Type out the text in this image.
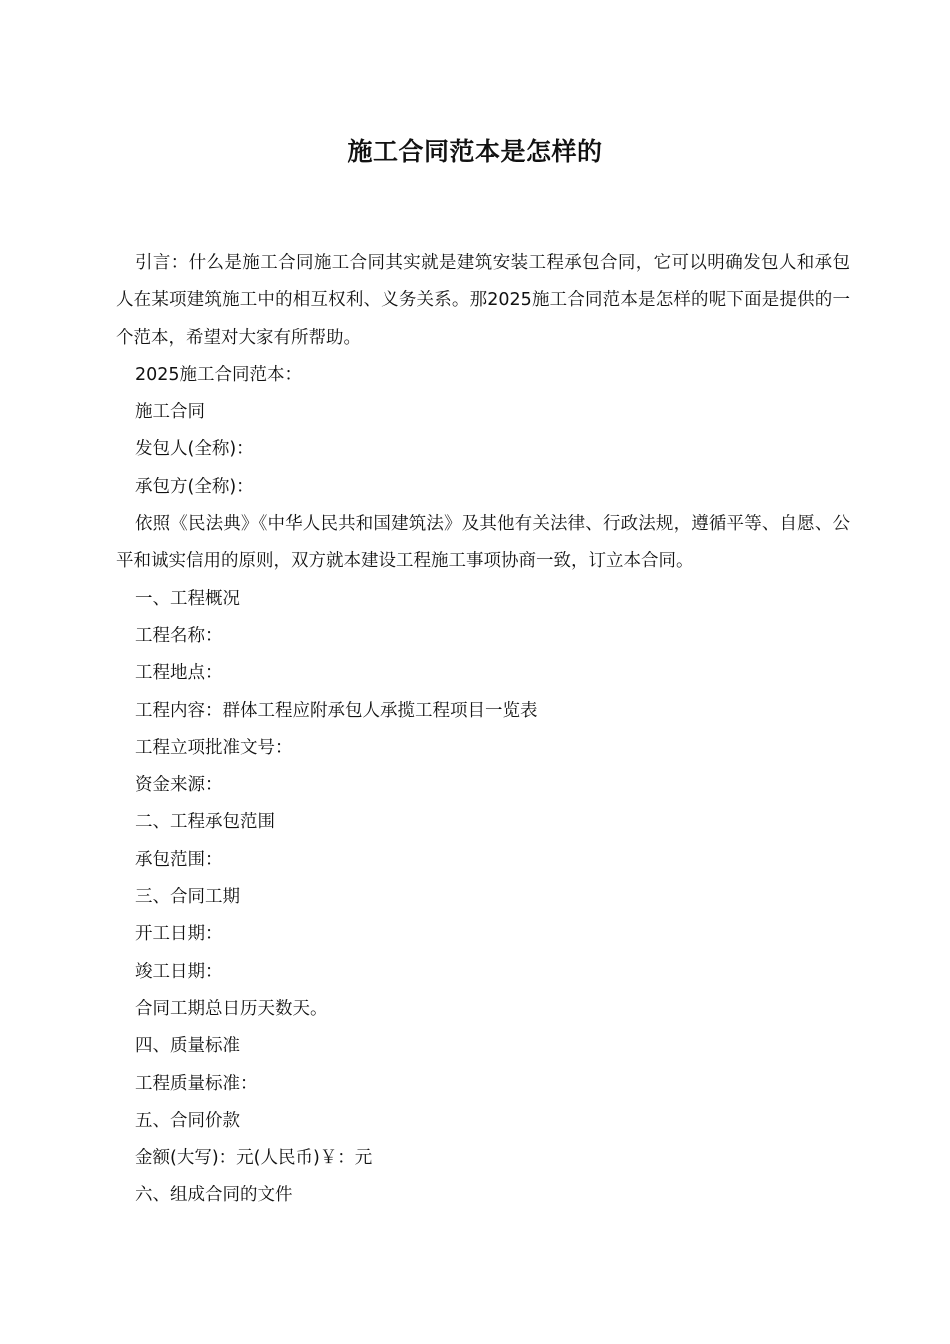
施工合同范本是怎样的

引言：什么是施工合同施工合同其实就是建筑安装工程承包合同，它可以明确发包人和承包人在某项建筑施工中的相互权利、义务关系。那2025施工合同范本是怎样的呢下面是提供的一个范本，希望对大家有所帮助。

2025施工合同范本：

施工合同

发包人(全称)：

承包方(全称)：

依照《民法典》《中华人民共和国建筑法》及其他有关法律、行政法规，遵循平等、自愿、公平和诚实信用的原则，双方就本建设工程施工事项协商一致，订立本合同。

一、工程概况

工程名称：

工程地点：

工程内容：群体工程应附承包人承揽工程项目一览表

工程立项批准文号：

资金来源：

二、工程承包范围

承包范围：

三、合同工期

开工日期：

竣工日期：

合同工期总日历天数天。

四、质量标准

工程质量标准：

五、合同价款

金额(大写)：元(人民币)￥：元

六、组成合同的文件
